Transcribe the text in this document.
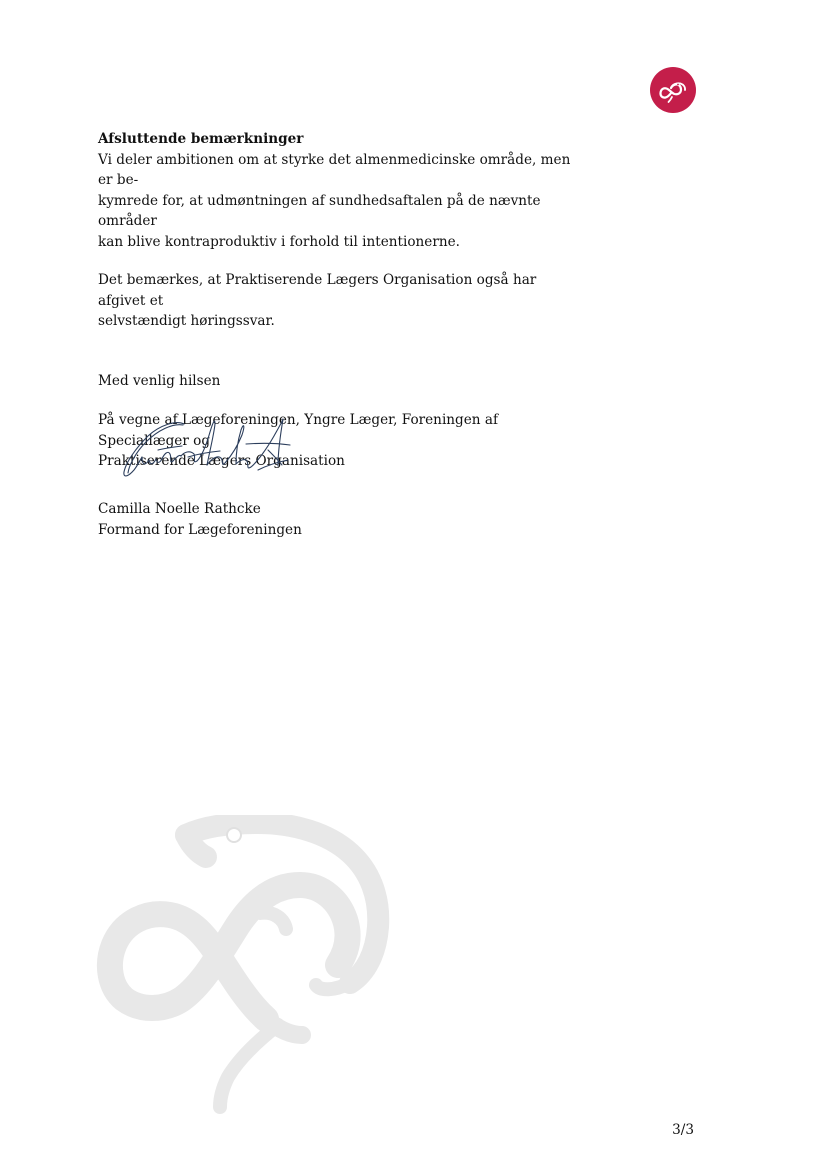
Afsluttende bemærkninger

Vi deler ambitionen om at styrke det almenmedicinske område, men er be-

kymrede for, at udmøntningen af sundhedsaftalen på de nævnte områder

kan blive kontraproduktiv i forhold til intentionerne.

Det bemærkes, at Praktiserende Lægers Organisation også har afgivet et

selvstændigt høringssvar.

Med venlig hilsen

På vegne af Lægeforeningen, Yngre Læger, Foreningen af Speciallæger og

Praktiserende Lægers Organisation

Camilla Noelle Rathcke

Formand for Lægeforeningen

3/3
